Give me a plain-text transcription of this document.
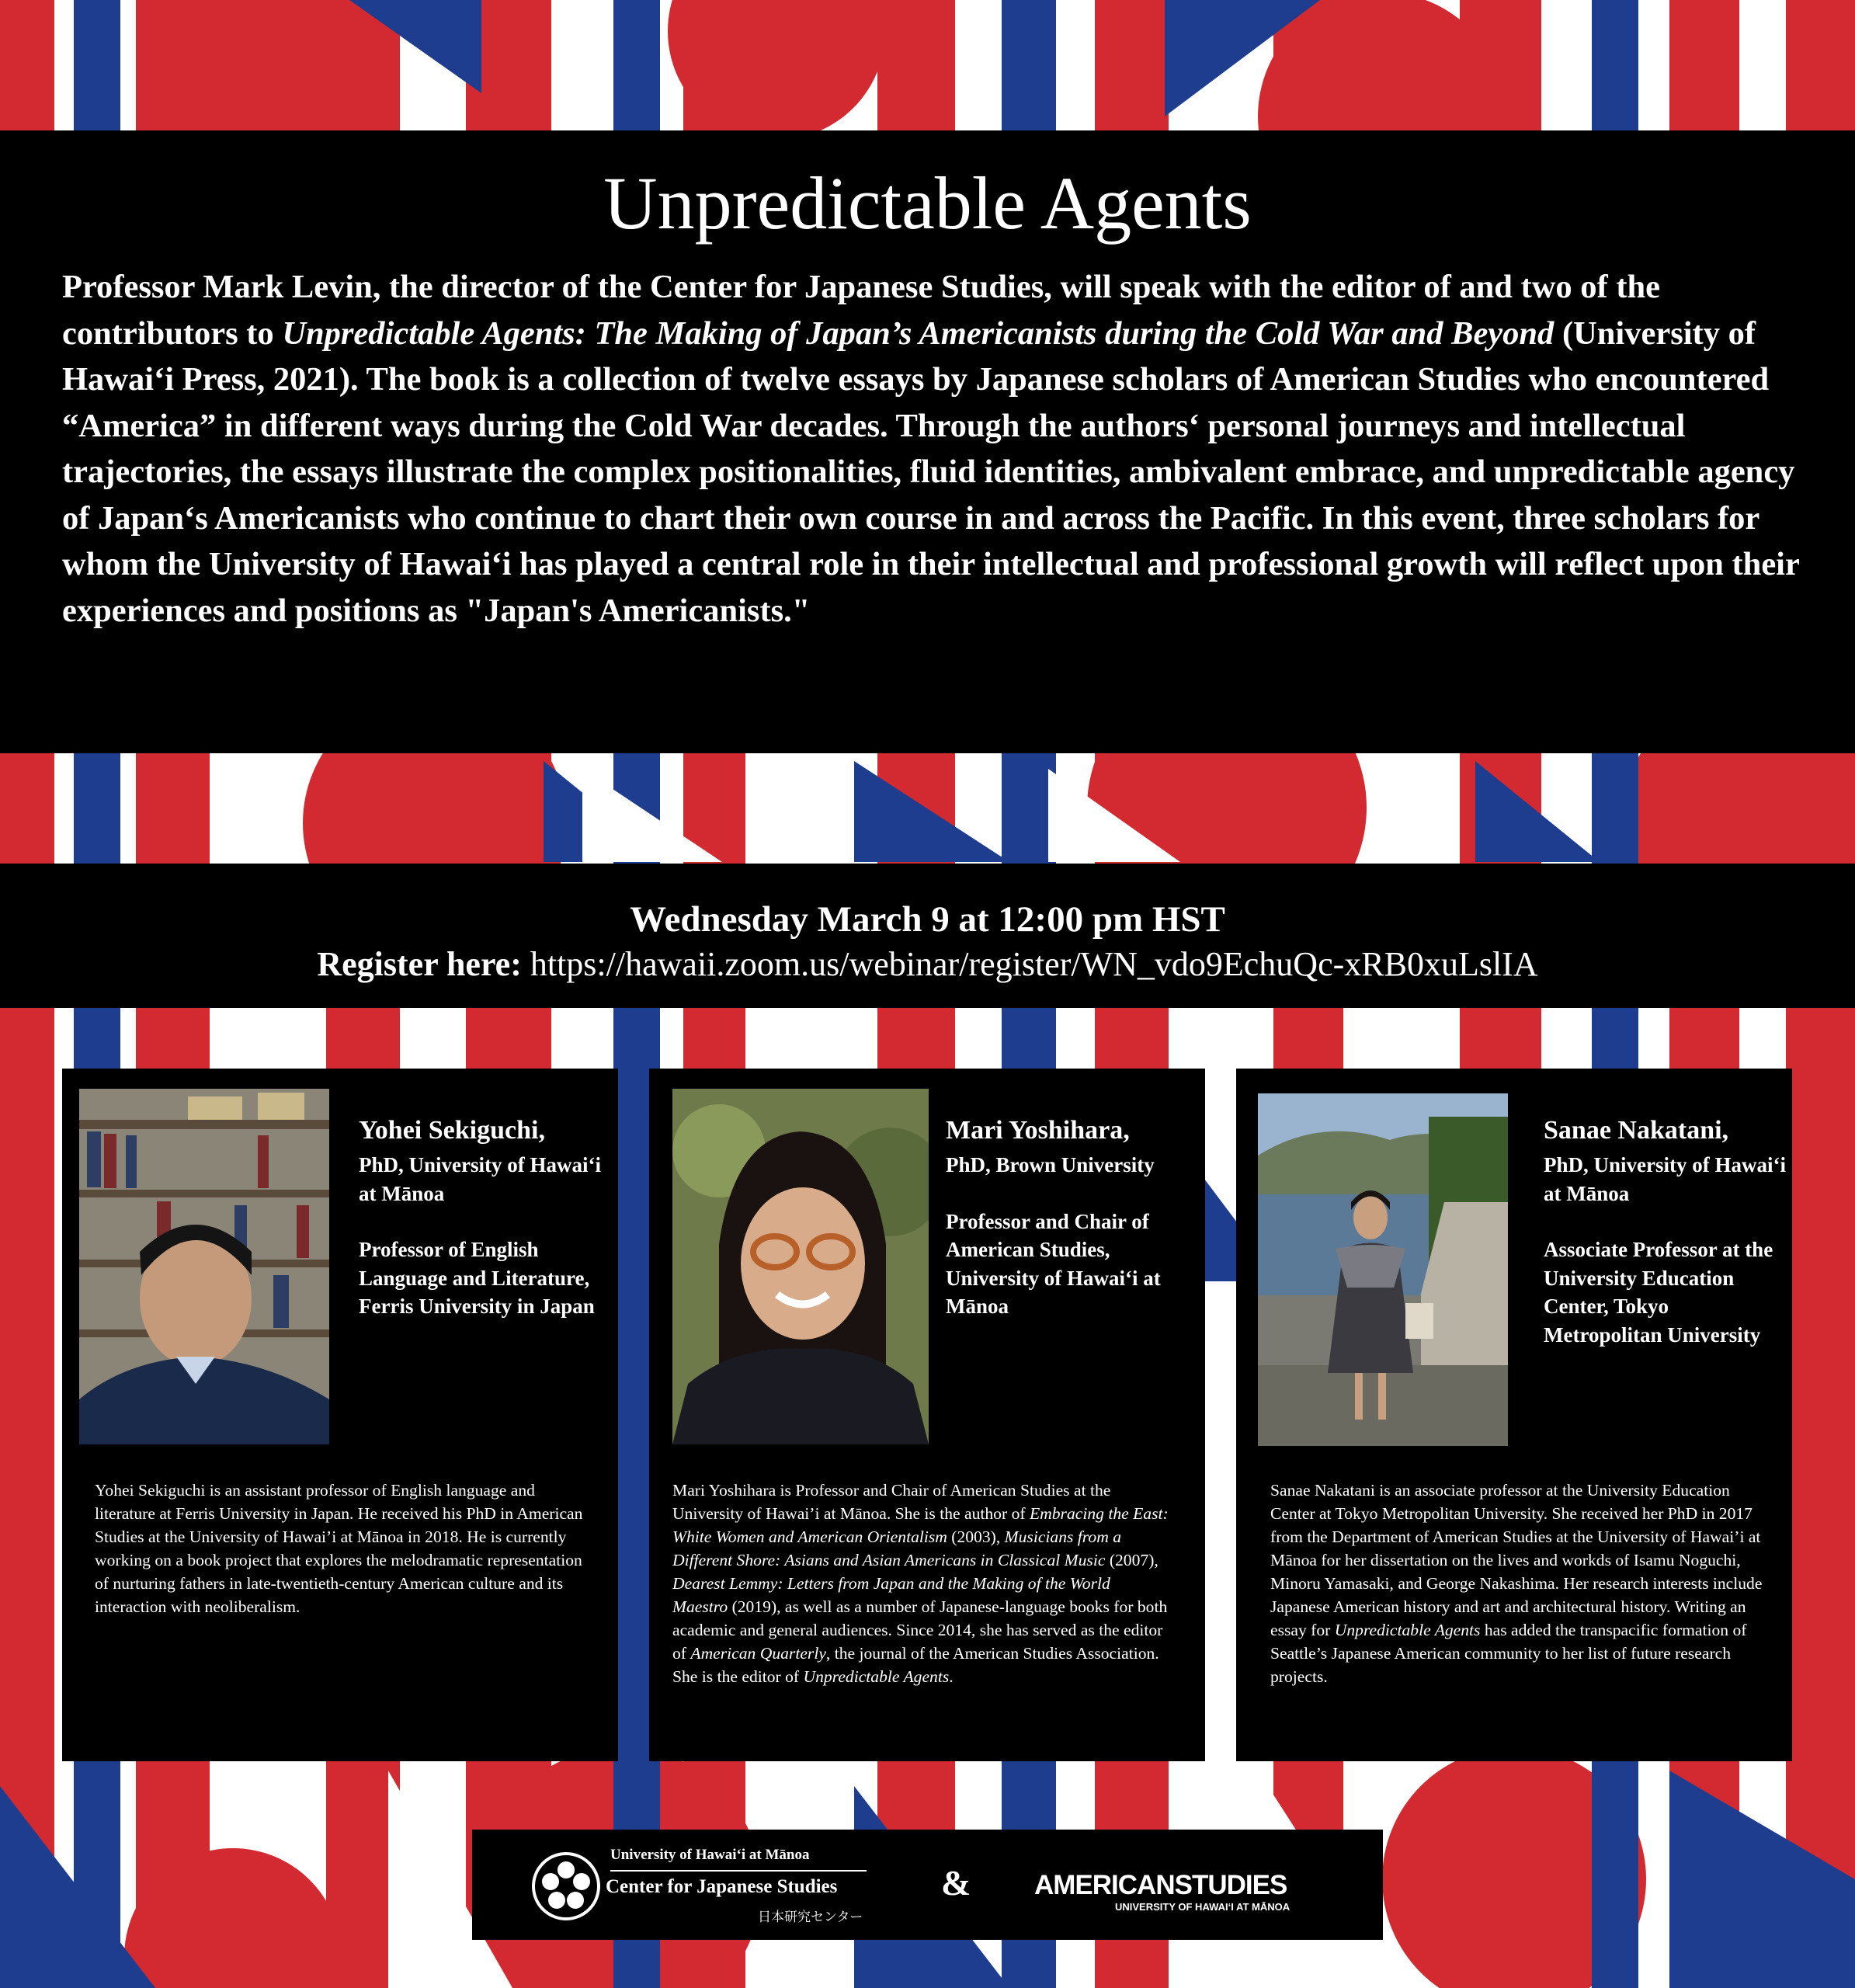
Unpredictable Agents

Professor Mark Levin, the director of the Center for Japanese Studies, will speak with the editor of and two of the contributors to Unpredictable Agents: The Making of Japan’s Americanists during the Cold War and Beyond (University of Hawai‘i Press, 2021). The book is a collection of twelve essays by Japanese scholars of American Studies who encountered “America” in different ways during the Cold War decades. Through the authors‘ personal journeys and intellectual trajectories, the essays illustrate the complex positionalities, fluid identities, ambivalent embrace, and unpredictable agency of Japan‘s Americanists who continue to chart their own course in and across the Pacific. In this event, three scholars for whom the University of Hawai‘i has played a central role in their intellectual and professional growth will reflect upon their experiences and positions as "Japan's Americanists."

Wednesday March 9 at 12:00 pm HST
Register here: https://hawaii.zoom.us/webinar/register/WN_vdo9EchuQc-xRB0xuLslIA
Yohei Sekiguchi,
PhD, University of Hawai‘i at Mānoa
Professor of English Language and Literature, Ferris University in Japan
Yohei Sekiguchi is an assistant professor of English language and literature at Ferris University in Japan. He received his PhD in American Studies at the University of Hawai’i at Mānoa in 2018. He is currently working on a book project that explores the melodramatic representation of nurturing fathers in late-twentieth-century American culture and its interaction with neoliberalism.
Mari Yoshihara,
PhD, Brown University
Professor and Chair of American Studies, University of Hawai‘i at Mānoa
Mari Yoshihara is Professor and Chair of American Studies at the University of Hawai’i at Mānoa. She is the author of Embracing the East: White Women and American Orientalism (2003), Musicians from a Different Shore: Asians and Asian Americans in Classical Music (2007), Dearest Lemmy: Letters from Japan and the Making of the World Maestro (2019), as well as a number of Japanese-language books for both academic and general audiences. Since 2014, she has served as the editor of American Quarterly, the journal of the American Studies Association. She is the editor of Unpredictable Agents.
Sanae Nakatani,
PhD, University of Hawai‘i at Mānoa
Associate Professor at the University Education Center, Tokyo Metropolitan University
Sanae Nakatani is an associate professor at the University Education Center at Tokyo Metropolitan University. She received her PhD in 2017 from the Department of American Studies at the University of Hawai’i at Mānoa for her dissertation on the lives and workds of Isamu Noguchi, Minoru Yamasaki, and George Nakashima. Her research interests include Japanese American history and art and architectural history. Writing an essay for Unpredictable Agents has added the transpacific formation of Seattle’s Japanese American community to her list of future research projects.
University of Hawai‘i at Mānoa
Center for Japanese Studies
日本研究センター
& AMERICANSTUDIES
UNIVERSITY OF HAWAI‘I AT MĀNOA
